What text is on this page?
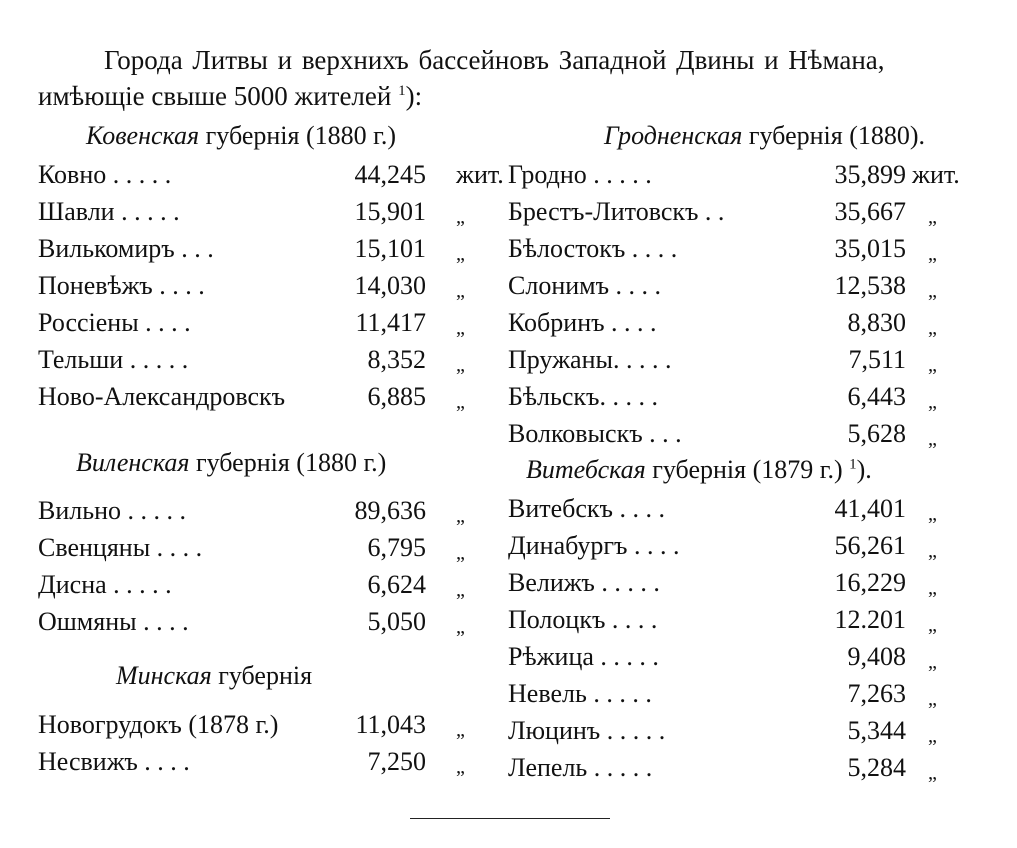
Города Литвы и верхнихъ бассейновъ Западной Двины и Нѣмана,
имѣющіе свыше 5000 жителей $^1$):
Ковенская губернія (1880 г.)
Ковно . . . . .	44,245 жит.
Шавли . . . . .	15,901 „
Вилькомиръ . . .	15,101 „
Поневѣжъ . . . .	14,030 „
Россіены . . . .	11,417 „
Тельши . . . . .	8,352 „
Ново-Александровскъ	6,885 „
Виленская губернія (1880 г.)
Вильно . . . . .	89,636 „
Свенцяны . . . .	6,795 „
Дисна . . . . .	6,624 „
Ошмяны . . . .	5,050 „
Минская губернія
Новогрудокъ (1878 г.)	11,043 „
Несвижъ . . . .	7,250 „
Гродненская губернія (1880).
Гродно . . . . .	35,899 жит.
Брестъ-Литовскъ . .	35,667 „
Бѣлостокъ . . . .	35,015 „
Слонимъ . . . .	12,538 „
Кобринъ . . . .	8,830 „
Пружаны. . . . .	7,511 „
Бѣльскъ. . . . .	6,443 „
Волковыскъ . . .	5,628 „
Витебская губернія (1879 г.) $^1$).
Витебскъ . . . .	41,401 „
Динабургъ . . . .	56,261 „
Велижъ . . . . .	16,229 „
Полоцкъ . . . .	12.201 „
Рѣжица . . . . .	9,408 „
Невель . . . . .	7,263 „
Люцинъ . . . . .	5,344 „
Лепель . . . . .	5,284 „
